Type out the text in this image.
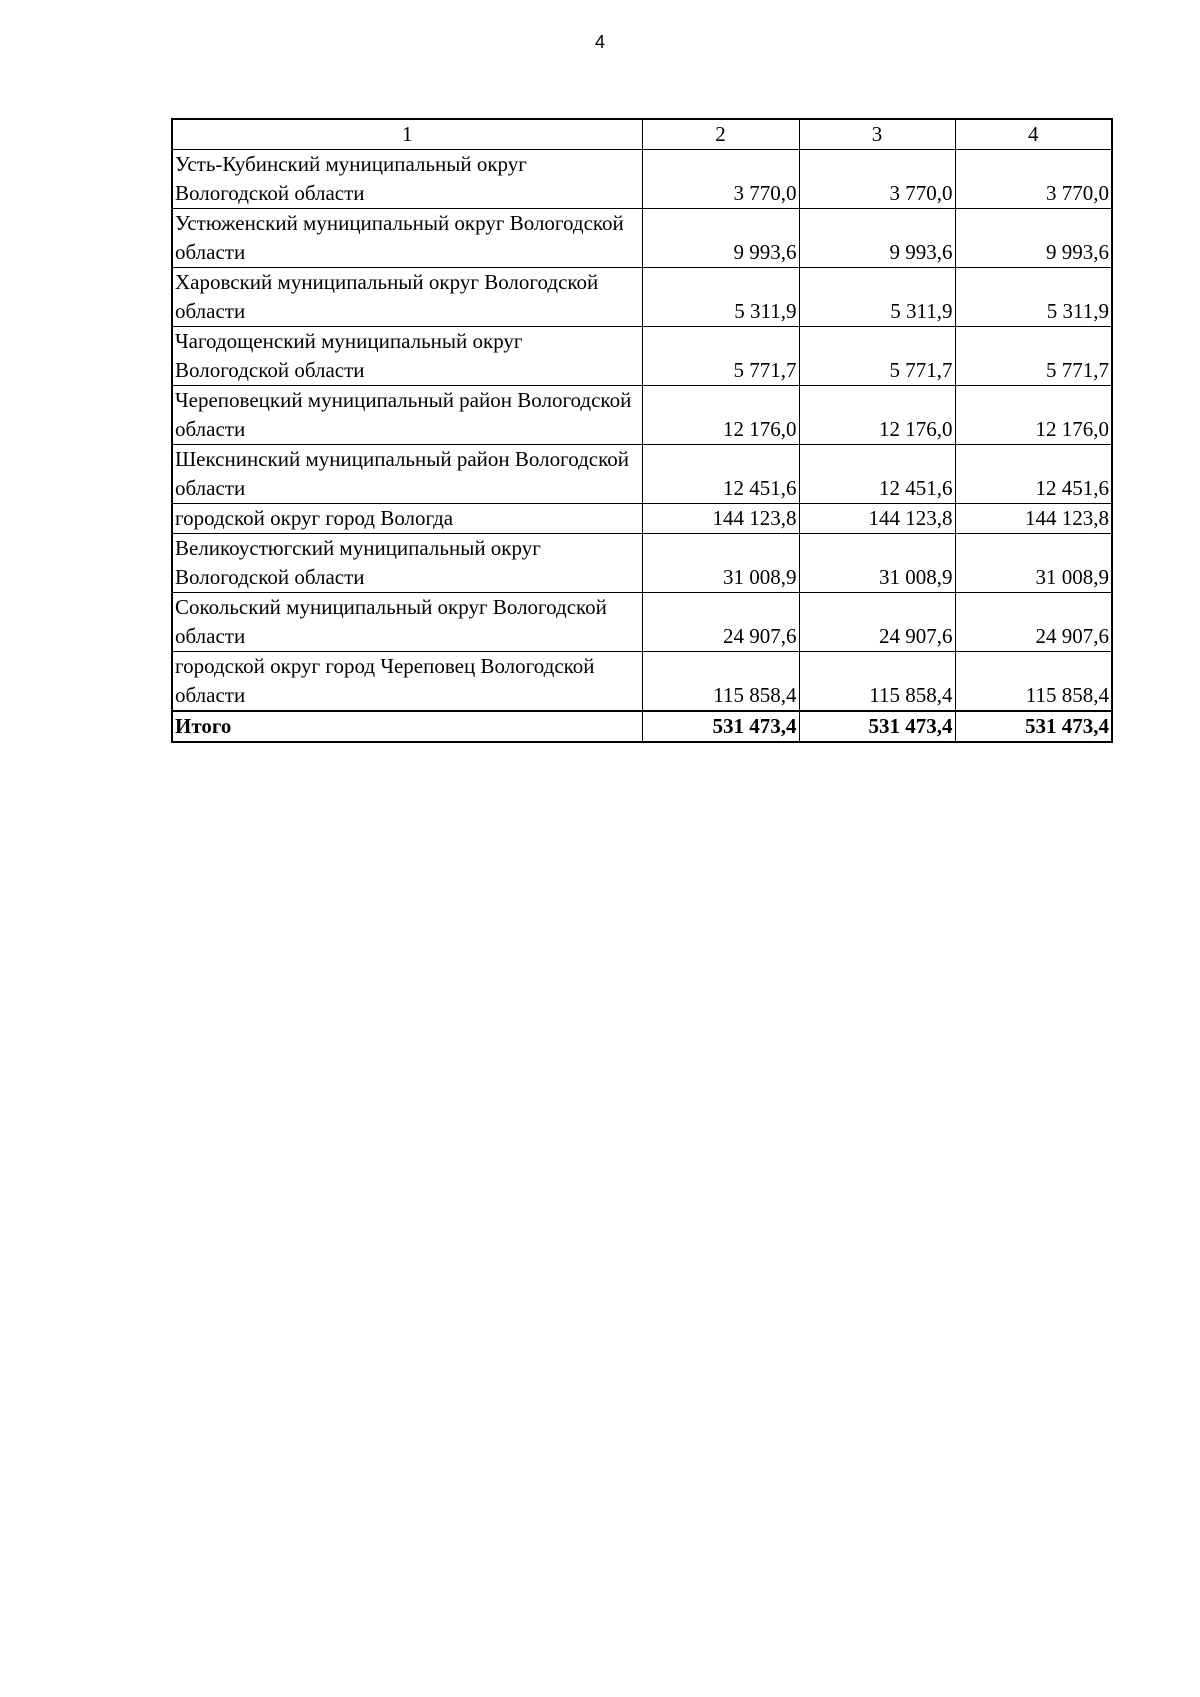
4
1	2	3	4
Усть-Кубинский муниципальный округ Вологодской области	3 770,0	3 770,0	3 770,0
Устюженский муниципальный округ Вологодской области	9 993,6	9 993,6	9 993,6
Харовский муниципальный округ Вологодской области	5 311,9	5 311,9	5 311,9
Чагодощенский муниципальный округ Вологодской области	5 771,7	5 771,7	5 771,7
Череповецкий муниципальный район Вологодской области	12 176,0	12 176,0	12 176,0
Шекснинский муниципальный район Вологодской области	12 451,6	12 451,6	12 451,6
городской округ город Вологда	144 123,8	144 123,8	144 123,8
Великоустюгский муниципальный округ Вологодской области	31 008,9	31 008,9	31 008,9
Сокольский муниципальный округ Вологодской области	24 907,6	24 907,6	24 907,6
городской округ город Череповец Вологодской области	115 858,4	115 858,4	115 858,4
Итого	531 473,4	531 473,4	531 473,4
